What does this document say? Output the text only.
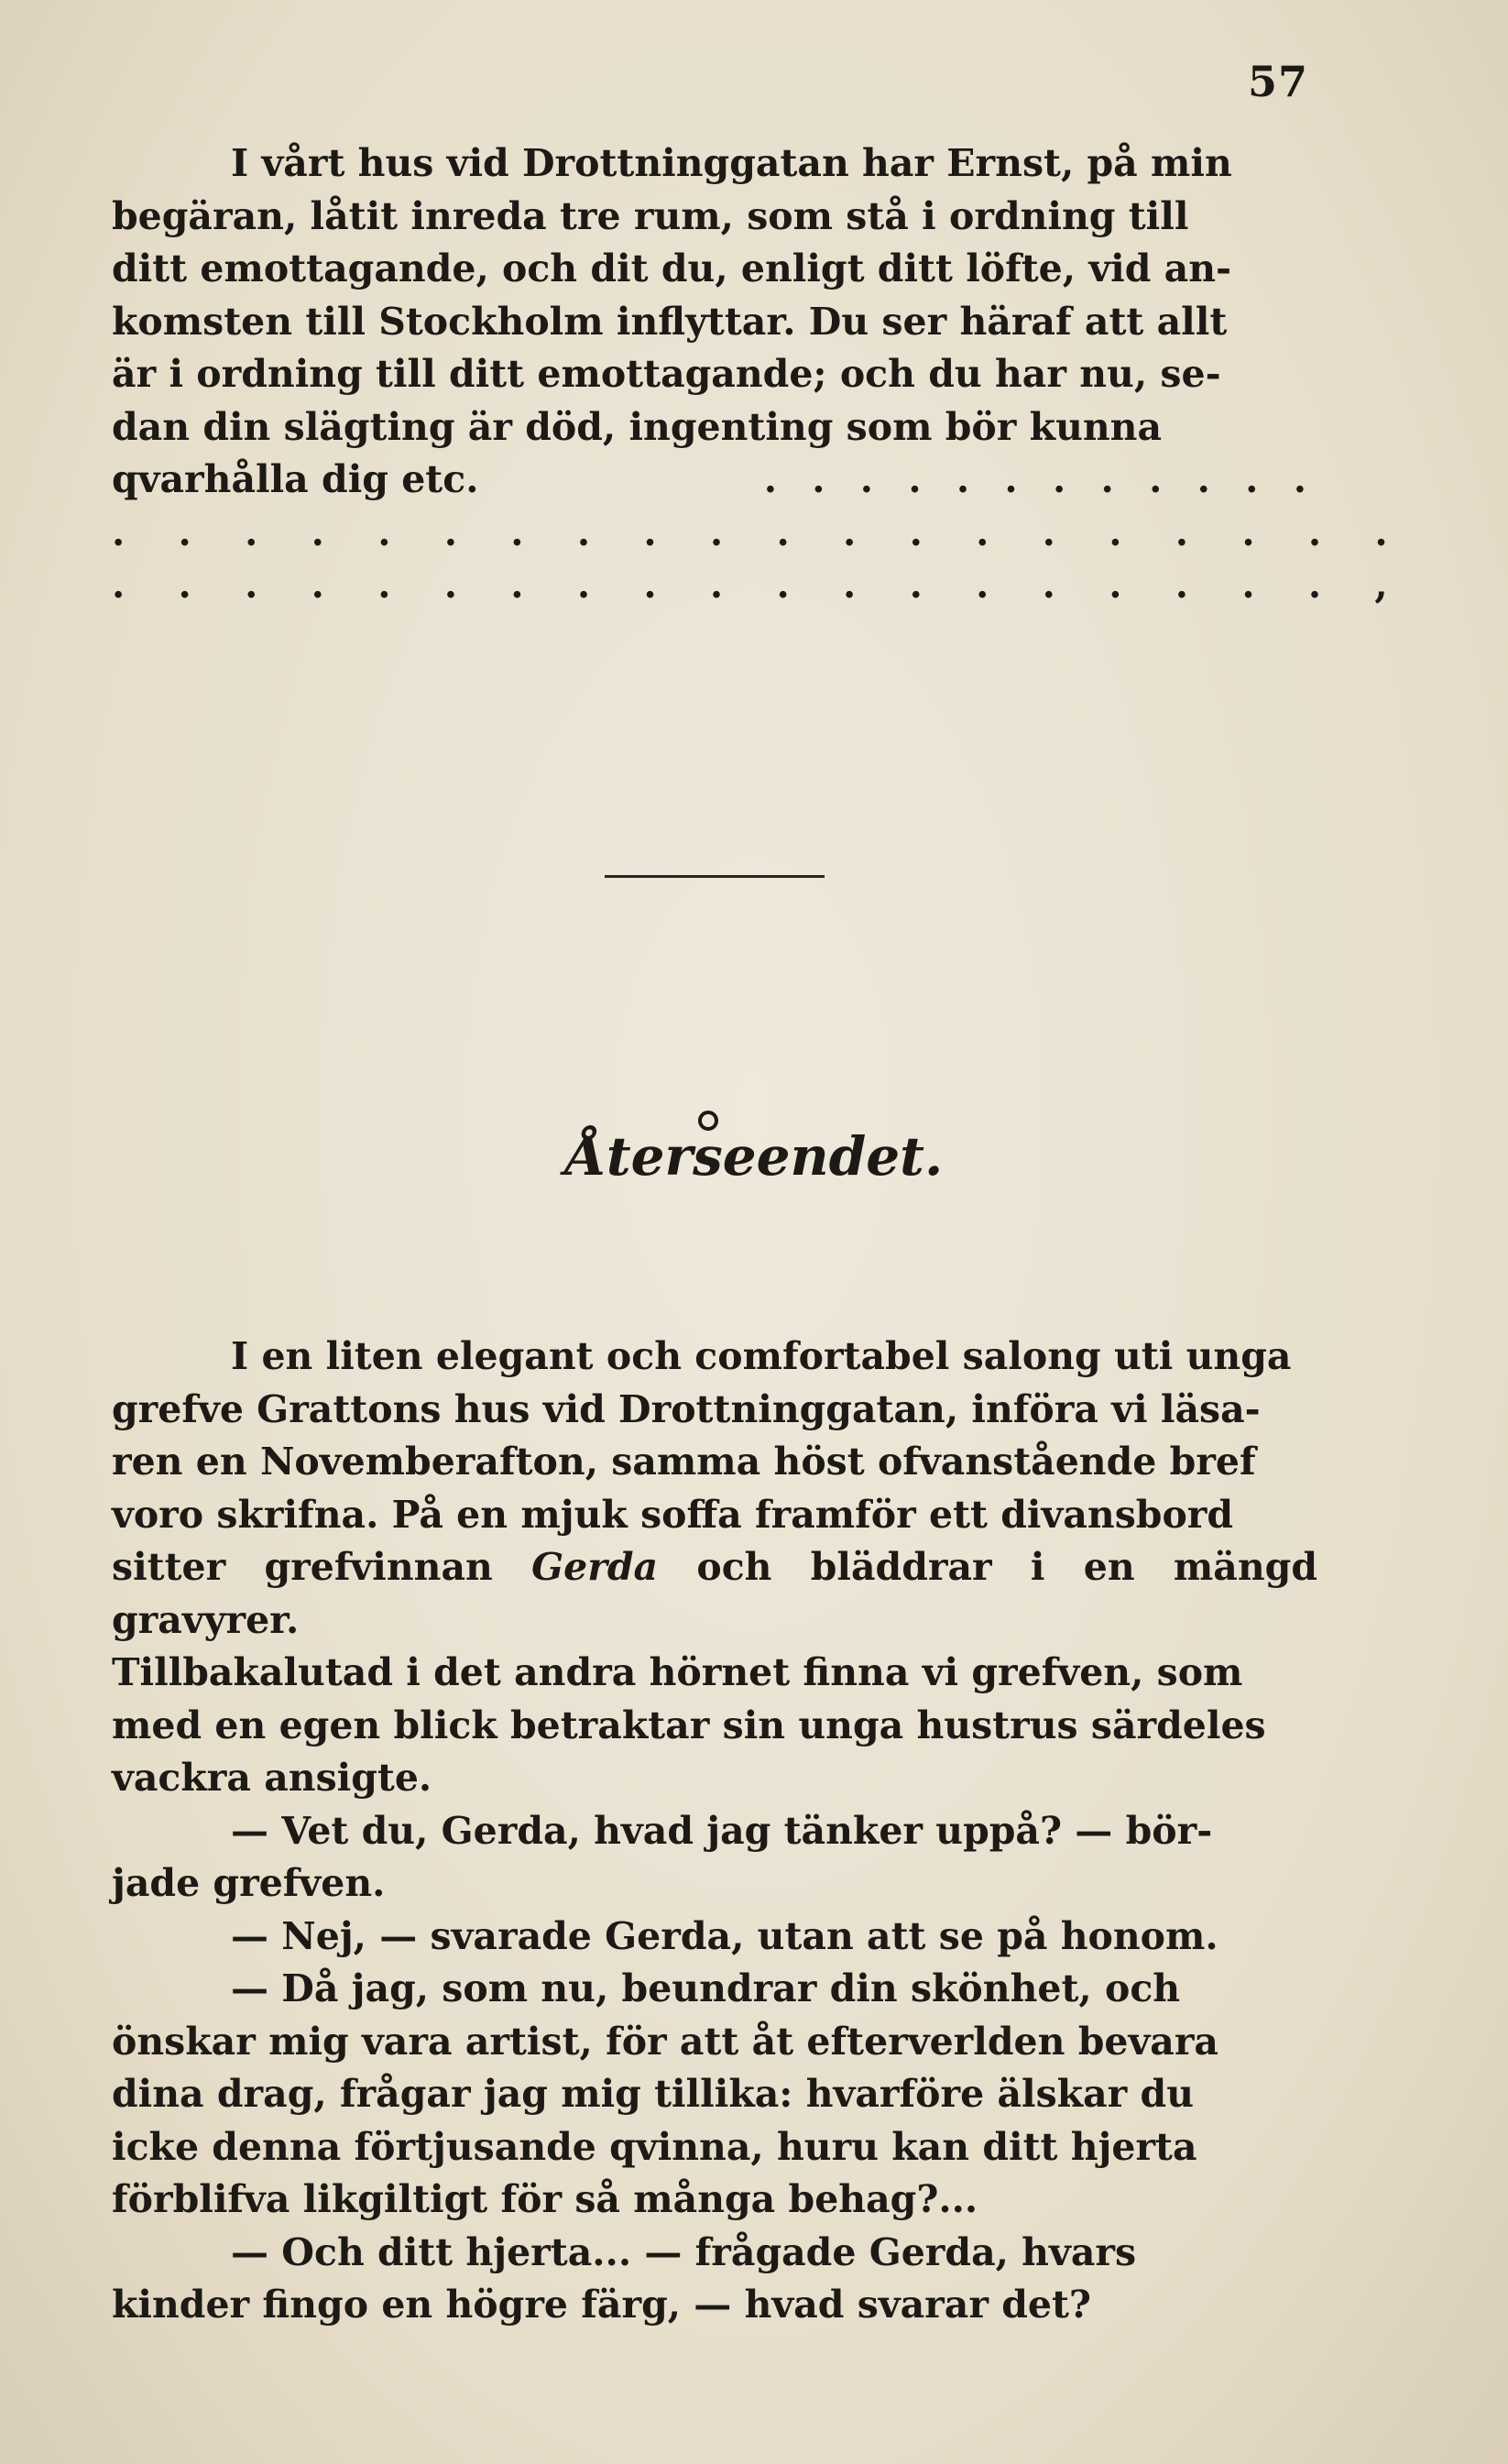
57

I vårt hus vid Drottninggatan har Ernst, på min

begäran, låtit inreda tre rum, som stå i ordning till

ditt emottagande, och dit du, enligt ditt löfte, vid an-

komsten till Stockholm inflyttar. Du ser häraf att allt

är i ordning till ditt emottagande; och du har nu, se-

dan din slägting är död, ingenting som bör kunna

qvarhålla dig etc.	. . . . . . . . . . . .
. . . . . . . . . . . . . . . . . . . .
. . . . . . . . . . . . . . . . . . . ,
Återseendet.

I en liten elegant och comfortabel salong uti unga

grefve Grattons hus vid Drottninggatan, införa vi läsa-

ren en Novemberafton, samma höst ofvanstående bref

voro skrifna. På en mjuk soffa framför ett divansbord

sitter grefvinnan Gerda och bläddrar i en mängd gravyrer.

Tillbakalutad i det andra hörnet finna vi grefven, som

med en egen blick betraktar sin unga hustrus särdeles

vackra ansigte.

— Vet du, Gerda, hvad jag tänker uppå? — bör-

jade grefven.

— Nej, — svarade Gerda, utan att se på honom.

— Då jag, som nu, beundrar din skönhet, och

önskar mig vara artist, för att åt efterverlden bevara

dina drag, frågar jag mig tillika: hvarföre älskar du

icke denna förtjusande qvinna, huru kan ditt hjerta

förblifva likgiltigt för så många behag?...

— Och ditt hjerta... — frågade Gerda, hvars

kinder fingo en högre färg, — hvad svarar det?
